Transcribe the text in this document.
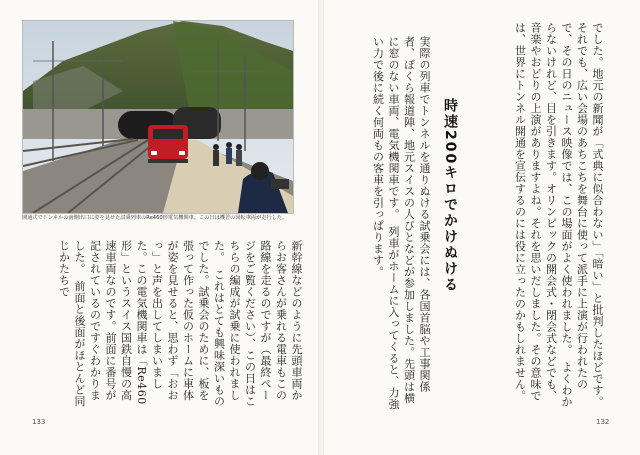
開通式でトンネルの南側出口に姿を見せた試乗列車のRe460形電気機関車。この日は機首の回転車両が走行した。
新幹線などのように先頭車両からお客さんが乗れる電車もこの路線を走るのですが（最終ページをご覧ください）、この日はこちらの編成が試乗に使われました。　これはとても興味深いものでした。試乗会のために、板を張って作った仮のホームに車体が姿を見せると、思わず「おおっ」と声を出してしまいました。この電気機関車は「Re460形」というスイス国鉄自慢の高速車両なのです。前面に番号が記されているのですぐわかりました。　前面と後面がほとんど同じかたちで
133
でした。地元の新聞が「式典に似合わない」「暗い」と批判したほどです。　それでも、広い会場のあちこちを舞台に使って派手に上演が行われたので、その日のニュース映像では、この場面がよく使われました。　よくわからないけれど、目を引きます。オリンピックの開会式・閉会式などでも、音楽やおどりの上演がありますよね。それを思いだしました。その意味では、世界にトンネル開通を宣伝するのには役に立ったのかもしれません。
時速200キロでかけぬける
実際の列車でトンネルを通りぬける試乗会には、各国首脳や工事関係者、ぼくら報道陣、地元スイスの人びとなどが参加しました。先頭は横に窓のない車両、電気機関車です。　列車がホームに入ってくると、力強い力で後に続く何両もの客車を引っぱります。
132
